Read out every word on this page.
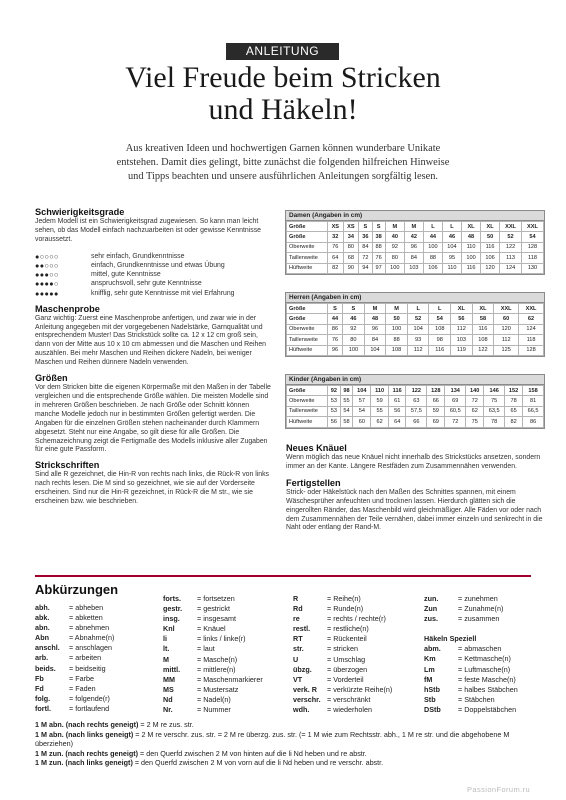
ANLEITUNG
Viel Freude beim Stricken
und Häkeln!
Aus kreativen Ideen und hochwertigen Garnen können wunderbare Unikate
entstehen. Damit dies gelingt, bitte zunächst die folgenden hilfreichen Hinweise
und Tipps beachten und unsere ausführlichen Anleitungen sorgfältig lesen.
Schwierigkeitsgrade

Jedem Modell ist ein Schwierigkeitsgrad zugewiesen. So kann man leicht sehen, ob das Modell einfach nachzuarbeiten ist oder gewisse Kenntnisse voraussetzt.

●○○○○	sehr einfach, Grundkenntnisse
●●○○○	einfach, Grundkenntnisse und etwas Übung
●●●○○	mittel, gute Kenntnisse
●●●●○	anspruchsvoll, sehr gute Kenntnisse
●●●●●	knifflig, sehr gute Kenntnisse mit viel Erfahrung
Maschenprobe

Ganz wichtig: Zuerst eine Maschenprobe anfertigen, und zwar wie in der Anleitung angegeben mit der vorgegebenen Nadelstärke, Garnqualität und entsprechendem Muster! Das Strickstück sollte ca. 12 x 12 cm groß sein, dann von der Mitte aus 10 x 10 cm abmessen und die Maschen und Reihen auszählen. Bei mehr Maschen und Reihen dickere Nadeln, bei weniger Maschen und Reihen dünnere Nadeln verwenden.

Größen

Vor dem Stricken bitte die eigenen Körpermaße mit den Maßen in der Tabelle vergleichen und die entsprechende Größe wählen. Die meisten Modelle sind in mehreren Größen beschrieben. Je nach Größe oder Schnitt können manche Modelle jedoch nur in bestimmten Größen gefertigt werden. Die Angaben für die einzelnen Größen stehen nacheinander durch Klammern abgesetzt. Steht nur eine Angabe, so gilt diese für alle Größen. Die Schemazeichnung zeigt die Fertigmaße des Modells inklusive aller Zugaben für eine gute Passform.

Strickschriften

Sind alle R gezeichnet, die Hin-R von rechts nach links, die Rück-R von links nach rechts lesen. Die M sind so gezeichnet, wie sie auf der Vorderseite erscheinen. Sind nur die Hin-R gezeichnet, in Rück-R die M str., wie sie erscheinen bzw. wie beschrieben.

Damen (Angaben in cm)
Größe	XS	XS	S	S	M	M	L	L	XL	XL	XXL	XXL
Größe	32	34	36	38	40	42	44	46	48	50	52	54
Oberweite	76	80	84	88	92	96	100	104	110	116	122	128
Taillenweite	64	68	72	76	80	84	88	95	100	106	113	118
Hüftweite	82	90	94	97	100	103	106	110	116	120	124	130
Herren (Angaben in cm)
Größe	S	S	M	M	L	L	XL	XL	XXL	XXL
Größe	44	46	48	50	52	54	56	58	60	62
Oberweite	86	92	96	100	104	108	112	116	120	124
Taillenweite	76	80	84	88	93	98	103	108	112	118
Hüftweite	96	100	104	108	112	116	119	122	125	128
Kinder (Angaben in cm)
Größe	92	98	104	110	116	122	128	134	140	146	152	158
Oberweite	53	55	57	59	61	63	66	69	72	75	78	81
Taillenweite	53	54	54	55	56	57,5	59	60,5	62	63,5	65	66,5
Hüftweite	56	58	60	62	64	66	69	72	75	78	82	86
Neues Knäuel

Wenn möglich das neue Knäuel nicht innerhalb des Strickstücks ansetzen, sondern immer an der Kante. Längere Restfäden zum Zusammennähen verwenden.

Fertigstellen

Strick- oder Häkelstück nach den Maßen des Schnittes spannen, mit einem Wäschesprüher anfeuchten und trocknen lassen. Hierdurch glätten sich die eingerollten Ränder, das Maschenbild wird gleichmäßiger. Alle Fäden vor oder nach dem Zusammennähen der Teile vernähen, dabei immer einzeln und senkrecht in die Naht oder entlang der Rand-M.

Abkürzungen
abh.	= abheben
abk.	= abketten
abn.	= abnehmen
Abn	= Abnahme(n)
anschl.	= anschlagen
arb.	= arbeiten
beids.	= beidseitig
Fb	= Farbe
Fd	= Faden
folg.	= folgende(r)
fortl.	= fortlaufend
forts.	= fortsetzen
gestr.	= gestrickt
insg.	= insgesamt
Knl	= Knäuel
li	= links / linke(r)
lt.	= laut
M	= Masche(n)
mittl.	= mittlere(n)
MM	= Maschenmarkierer
MS	= Mustersatz
Nd	= Nadel(n)
Nr.	= Nummer
R	= Reihe(n)
Rd	= Runde(n)
re	= rechts / rechte(r)
restl.	= restliche(n)
RT	= Rückenteil
str.	= stricken
U	= Umschlag
übzg.	= überzogen
VT	= Vorderteil
verk. R	= verkürzte Reihe(n)
verschr. = verschränkt
wdh.	= wiederholen
zun.	= zunehmen
Zun	= Zunahme(n)
zus.	= zusammen
Häkeln Speziell
abm.	= abmaschen
Km	= Kettmasche(n)
Lm	= Luftmasche(n)
fM	= feste Masche(n)
hStb	= halbes Stäbchen
Stb	= Stäbchen
DStb	= Doppelstäbchen
1 M abn. (nach rechts geneigt) = 2 M re zus. str.
1 M abn. (nach links geneigt) = 2 M re verschr. zus. str. = 2 M re überzg. zus. str. (= 1 M wie zum Rechtsstr. abh., 1 M re str. und die abgehobene M überziehen)
1 M zun. (nach rechts geneigt) = den Querfd zwischen 2 M von hinten auf die li Nd heben und re abstr.
1 M zun. (nach links geneigt) = den Querfd zwischen 2 M von vorn auf die li Nd heben und re verschr. abstr.
PassionForum.ru
